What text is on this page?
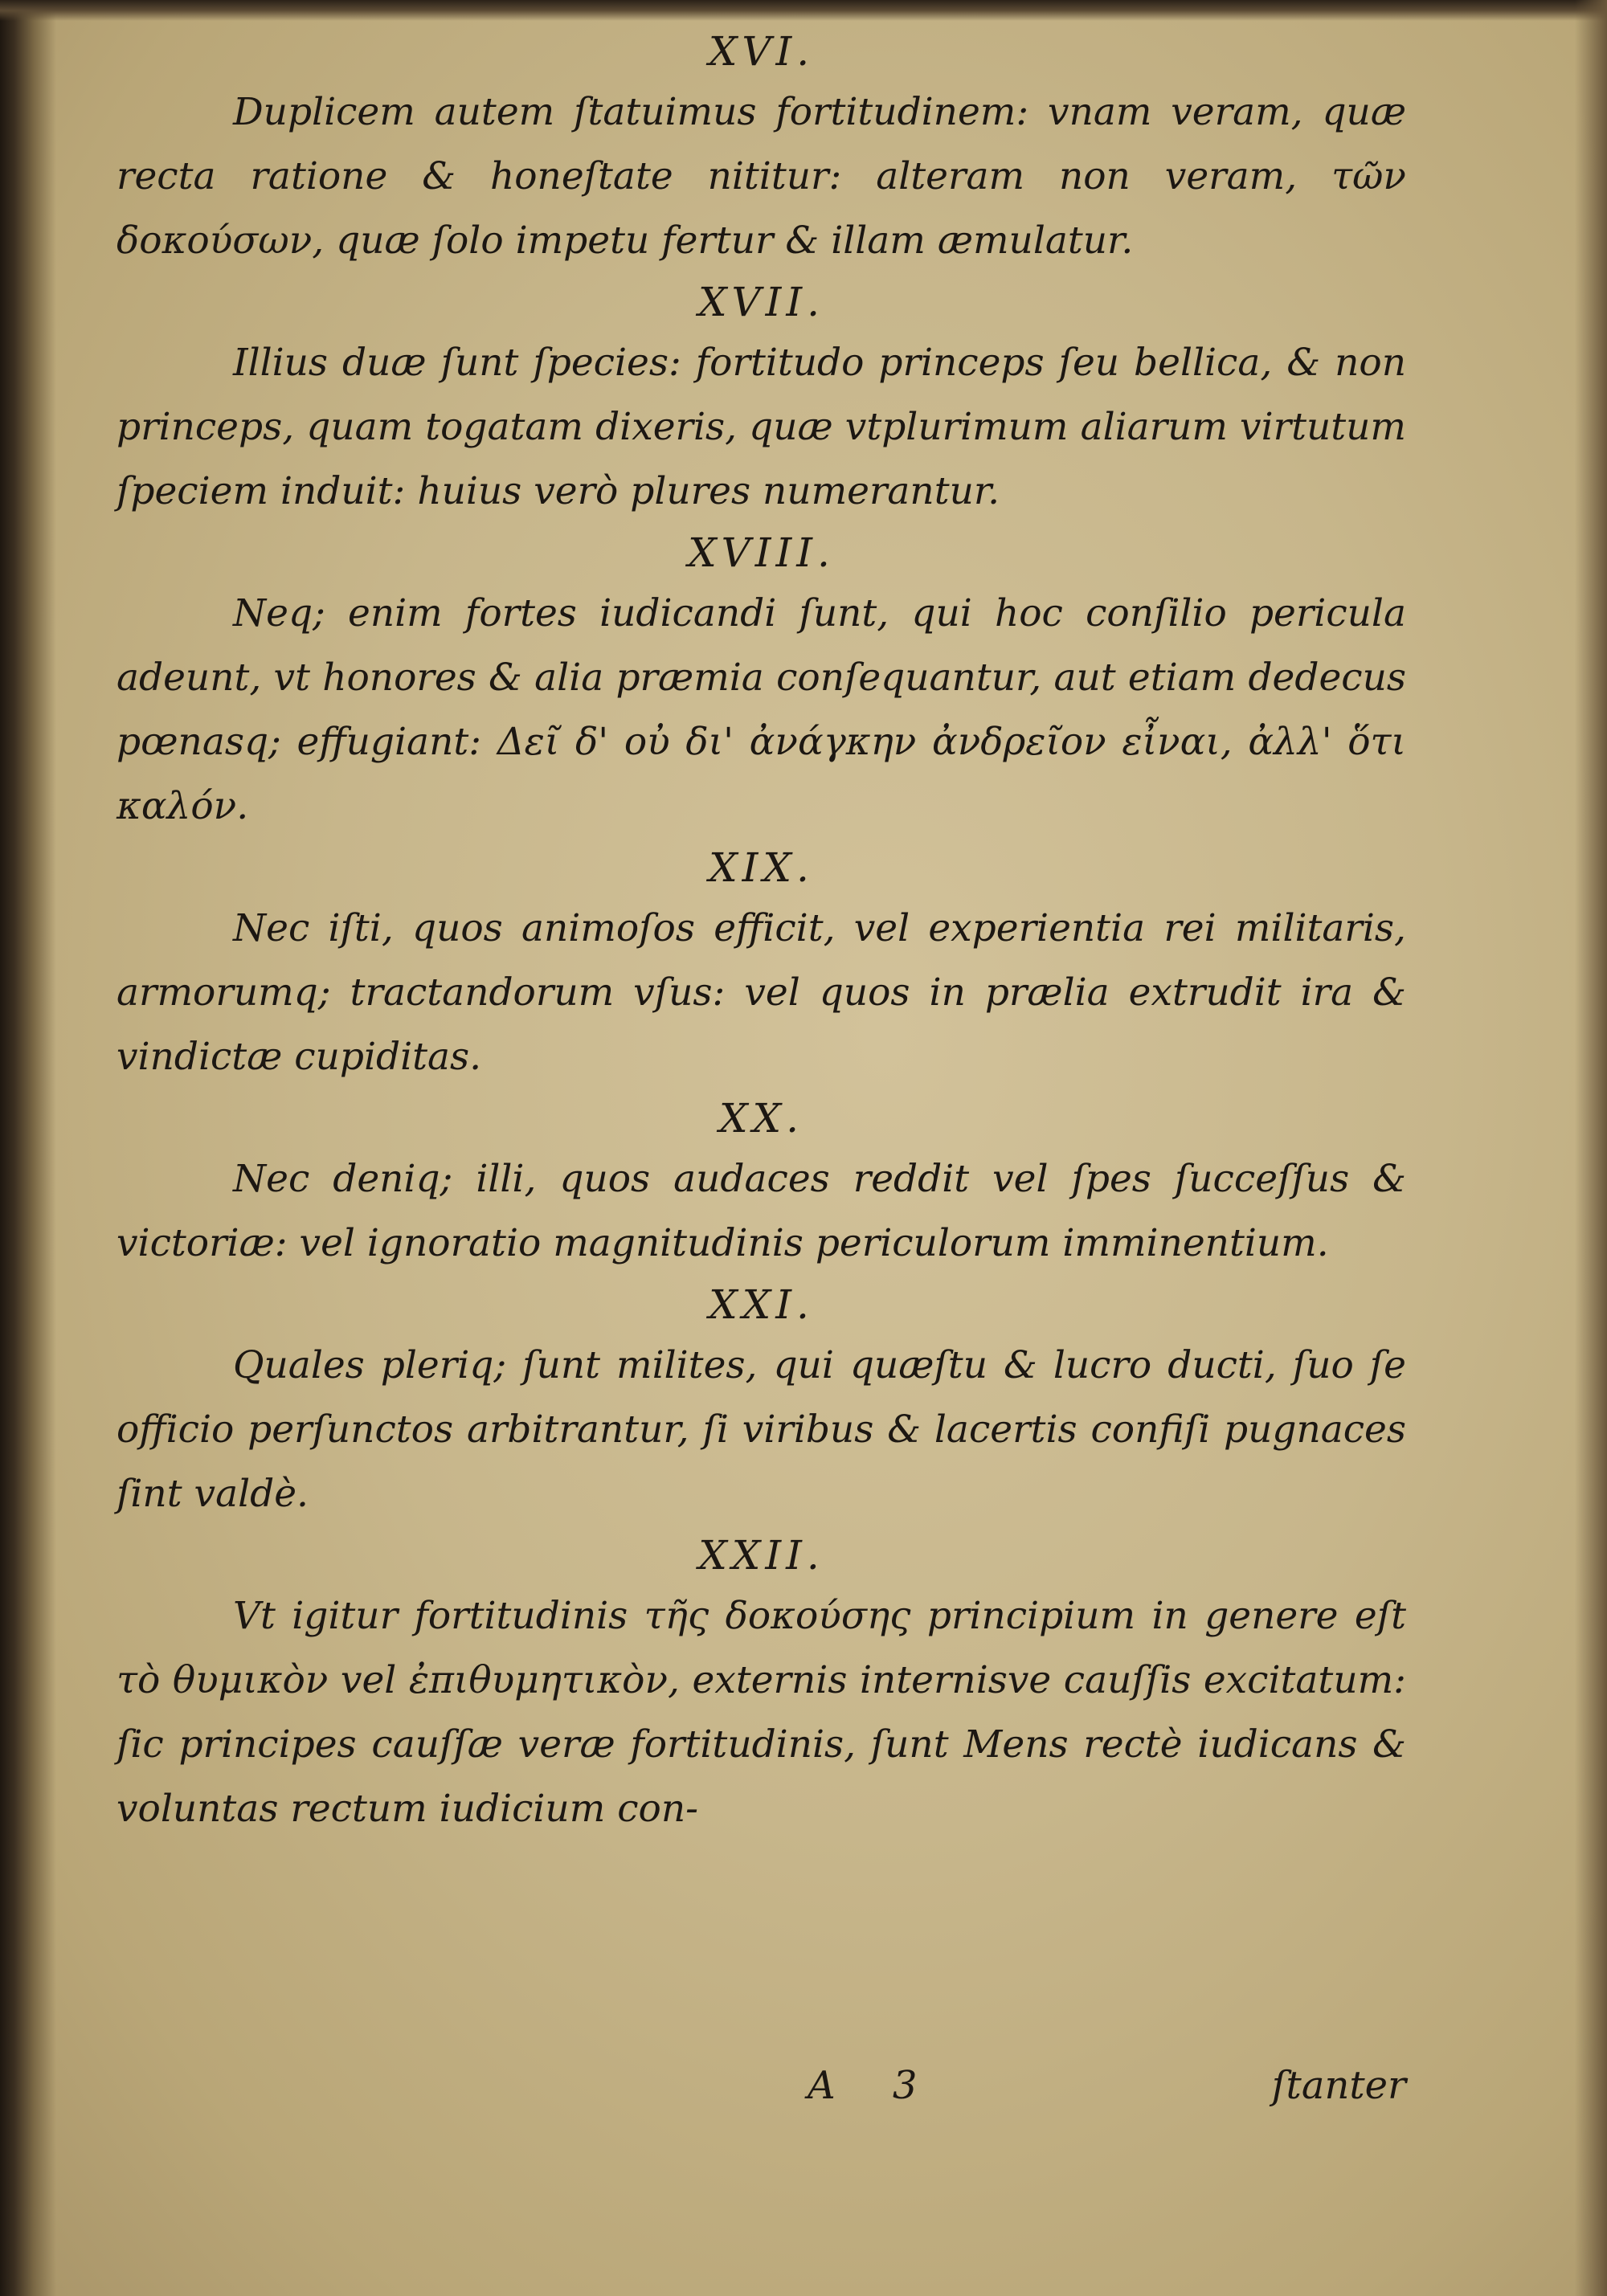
XVI.

Duplicem autem ſtatuimus fortitudinem: vnam veram, quæ recta ratione & honeſtate nititur: alteram non veram, τῶν δοκούσων, quæ ſolo impetu fertur & illam æmulatur.

XVII.

Illius duæ ſunt ſpecies: fortitudo princeps ſeu bellica, & non princeps, quam togatam dixeris, quæ vtplurimum aliarum virtutum ſpeciem induit: huius verò plures numerantur.

XVIII.

Neq; enim fortes iudicandi ſunt, qui hoc conſilio pericula adeunt, vt honores & alia præmia conſequantur, aut etiam dedecus pœnasq; effugiant: Δεῖ δ' οὐ δι' ἀνάγκην ἀνδρεῖον εἶναι, ἀλλ' ὅτι καλόν.

XIX.

Nec iſti, quos animoſos efficit, vel experientia rei militaris, armorumq; tractandorum vſus: vel quos in prælia extrudit ira & vindictæ cupiditas.

XX.

Nec deniq; illi, quos audaces reddit vel ſpes ſucceſſus & victoriæ: vel ignoratio magnitudinis periculorum imminentium.

XXI.

Quales pleriq; ſunt milites, qui quæſtu & lucro ducti, ſuo ſe officio perſunctos arbitrantur, ſi viribus & lacertis confiſi pugnaces ſint valdè.

XXII.

Vt igitur fortitudinis τῆς δοκούσης principium in genere eſt τὸ θυμικὸν vel ἐπιθυμητικὸν, externis internisve cauſſis excitatum: ſic principes cauſſæ veræ fortitudinis, ſunt Mens rectè iudicans & voluntas rectum iudicium con-

A 3	ſtanter
